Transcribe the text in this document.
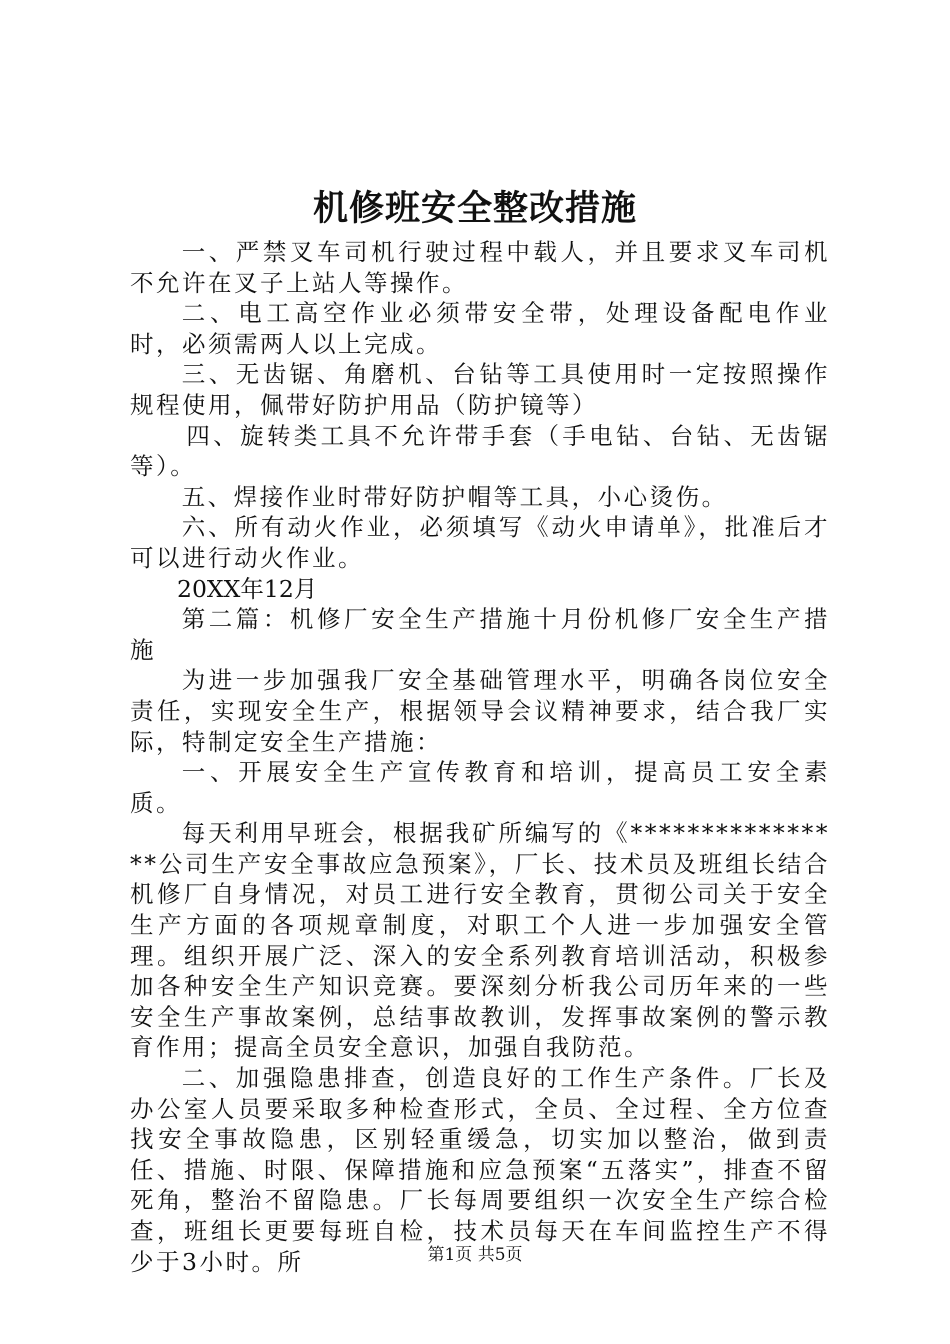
机修班安全整改措施

一、严禁叉车司机行驶过程中载人，并且要求叉车司机不允许在叉子上站人等操作。

二、电工高空作业必须带安全带，处理设备配电作业时，必须需两人以上完成。

三、无齿锯、角磨机、台钻等工具使用时一定按照操作规程使用，佩带好防护用品（防护镜等）

四、旋转类工具不允许带手套（手电钻、台钻、无齿锯等）。

五、焊接作业时带好防护帽等工具，小心烫伤。

六、所有动火作业，必须填写《动火申请单》，批准后才可以进行动火作业。

20XX年12月

第二篇：机修厂安全生产措施十月份机修厂安全生产措施

为进一步加强我厂安全基础管理水平，明确各岗位安全责任，实现安全生产，根据领导会议精神要求，结合我厂实际，特制定安全生产措施：

一、开展安全生产宣传教育和培训，提高员工安全素质。

每天利用早班会，根据我矿所编写的《****************公司生产安全事故应急预案》，厂长、技术员及班组长结合机修厂自身情况，对员工进行安全教育，贯彻公司关于安全生产方面的各项规章制度，对职工个人进一步加强安全管理。组织开展广泛、深入的安全系列教育培训活动，积极参加各种安全生产知识竞赛。要深刻分析我公司历年来的一些安全生产事故案例，总结事故教训，发挥事故案例的警示教育作用；提高全员安全意识，加强自我防范。

二、加强隐患排查，创造良好的工作生产条件。厂长及办公室人员要采取多种检查形式，全员、全过程、全方位查找安全事故隐患，区别轻重缓急，切实加以整治，做到责任、措施、时限、保障措施和应急预案“五落实”，排查不留死角，整治不留隐患。厂长每周要组织一次安全生产综合检查，班组长更要每班自检，技术员每天在车间监控生产不得少于3小时。所	第1页 共5页
